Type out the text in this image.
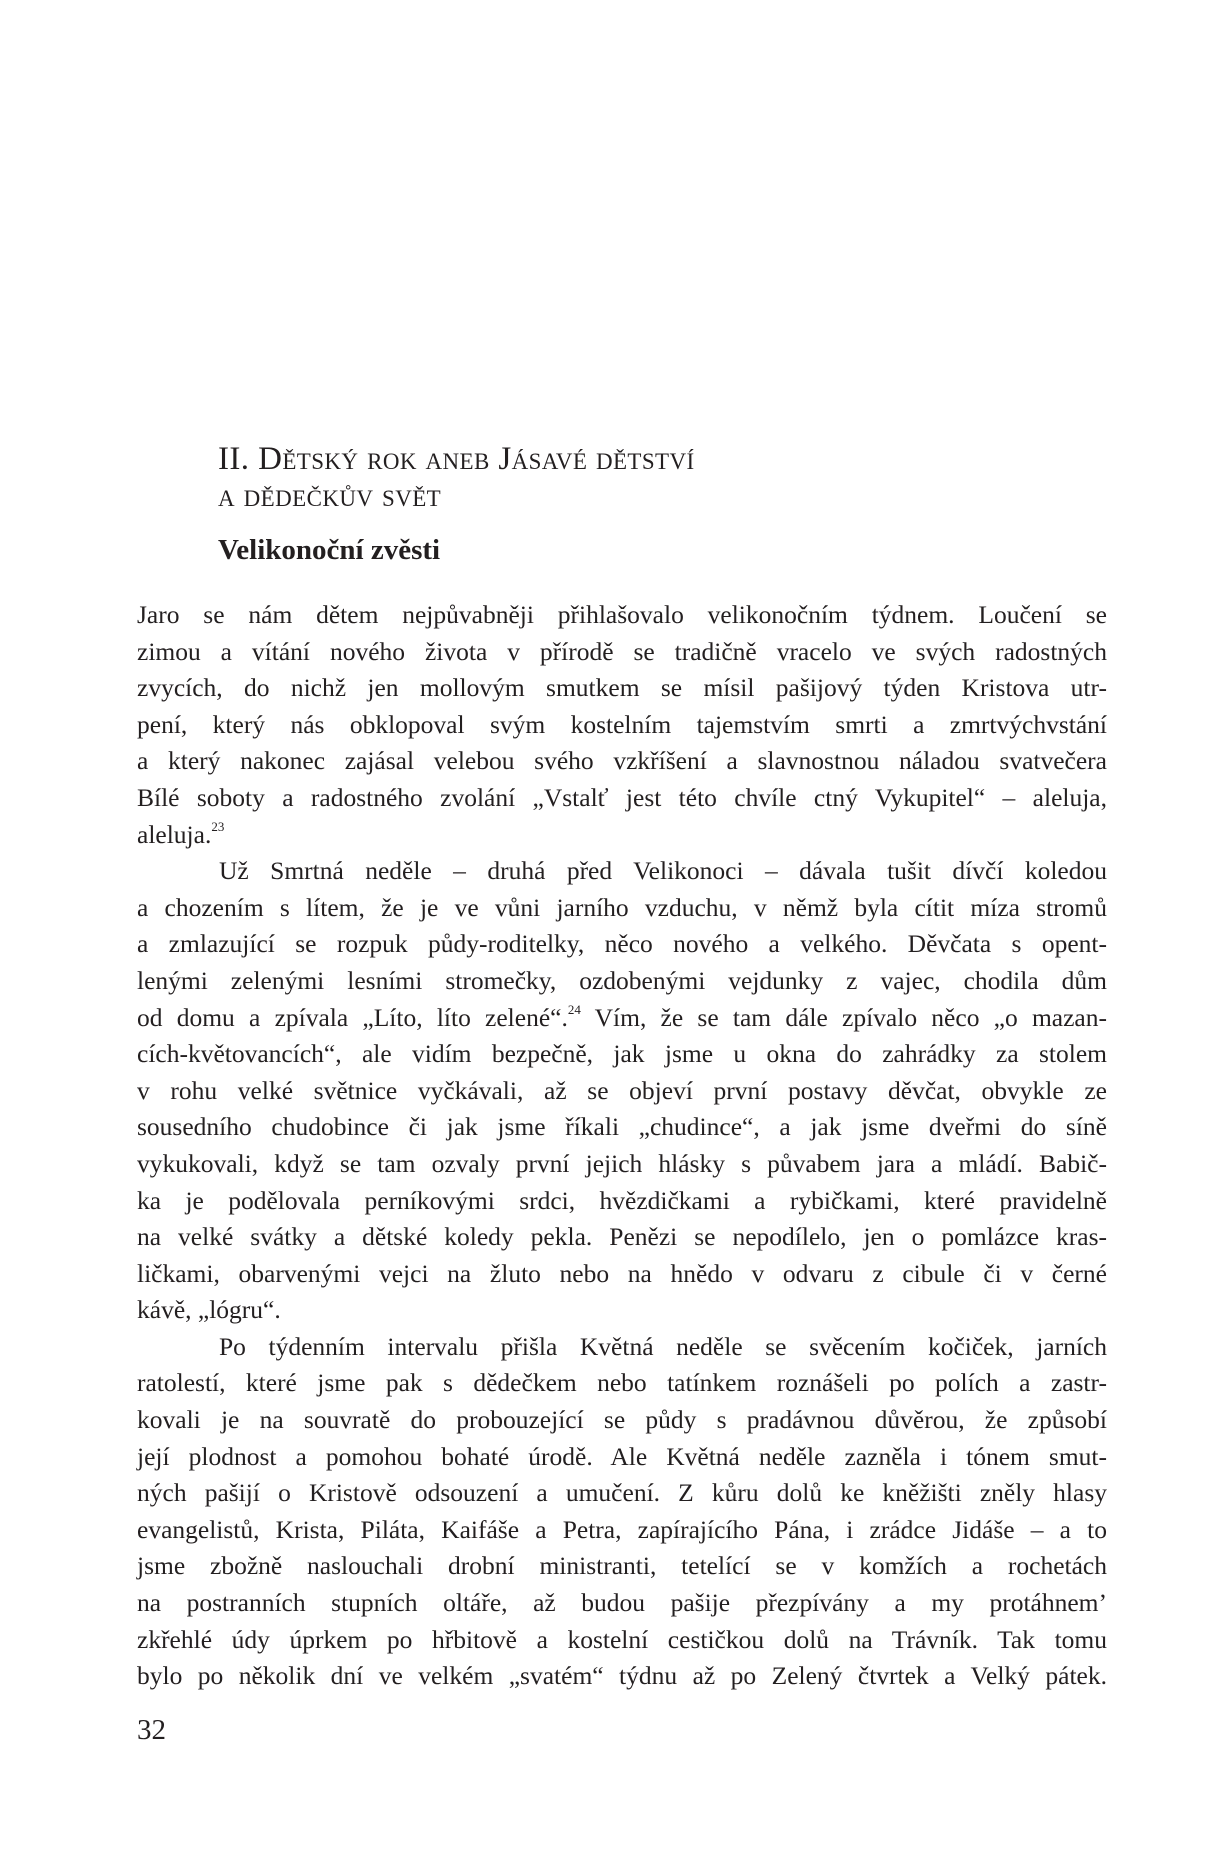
II. Dětský rok aneb Jásavé dětství
a dědečkův svět
Velikonoční zvěsti
Jaro se nám dětem nejpůvabněji přihlašovalo velikonočním týdnem. Loučení se
zimou a vítání nového života v přírodě se tradičně vracelo ve svých radostných
zvycích, do nichž jen mollovým smutkem se mísil pašijový týden Kristova utr-
pení, který nás obklopoval svým kostelním tajemstvím smrti a zmrtvýchvstání
a který nakonec zajásal velebou svého vzkříšení a slavnostnou náladou svatvečera
Bílé soboty a radostného zvolání „Vstalť jest této chvíle ctný Vykupitel“ – aleluja,
aleluja.$^{23}$
Už Smrtná neděle – druhá před Velikonoci – dávala tušit dívčí koledou
a chozením s lítem, že je ve vůni jarního vzduchu, v němž byla cítit míza stromů
a zmlazující se rozpuk půdy-roditelky, něco nového a velkého. Děvčata s opent-
lenými zelenými lesními stromečky, ozdobenými vejdunky z vajec, chodila dům
od domu a zpívala „Líto, líto zelené“.$^{24}$ Vím, že se tam dále zpívalo něco „o mazan-
cích-květovancích“, ale vidím bezpečně, jak jsme u okna do zahrádky za stolem
v rohu velké světnice vyčkávali, až se objeví první postavy děvčat, obvykle ze
sousedního chudobince či jak jsme říkali „chudince“, a jak jsme dveřmi do síně
vykukovali, když se tam ozvaly první jejich hlásky s půvabem jara a mládí. Babič-
ka je podělovala perníkovými srdci, hvězdičkami a rybičkami, které pravidelně
na velké svátky a dětské koledy pekla. Penězi se nepodílelo, jen o pomlázce kras-
ličkami, obarvenými vejci na žluto nebo na hnědo v odvaru z cibule či v černé
kávě, „lógru“.
Po týdenním intervalu přišla Květná neděle se svěcením kočiček, jarních
ratolestí, které jsme pak s dědečkem nebo tatínkem roznášeli po polích a zastr-
kovali je na souvratě do probouzející se půdy s pradávnou důvěrou, že způsobí
její plodnost a pomohou bohaté úrodě. Ale Květná neděle zazněla i tónem smut-
ných pašijí o Kristově odsouzení a umučení. Z kůru dolů ke kněžišti zněly hlasy
evangelistů, Krista, Piláta, Kaifáše a Petra, zapírajícího Pána, i zrádce Jidáše – a to
jsme zbožně naslouchali drobní ministranti, tetelící se v komžích a rochetách
na postranních stupních oltáře, až budou pašije přezpívány a my protáhnem’
zkřehlé údy úprkem po hřbitově a kostelní cestičkou dolů na Trávník. Tak tomu
bylo po několik dní ve velkém „svatém“ týdnu až po Zelený čtvrtek a Velký pátek.
32
